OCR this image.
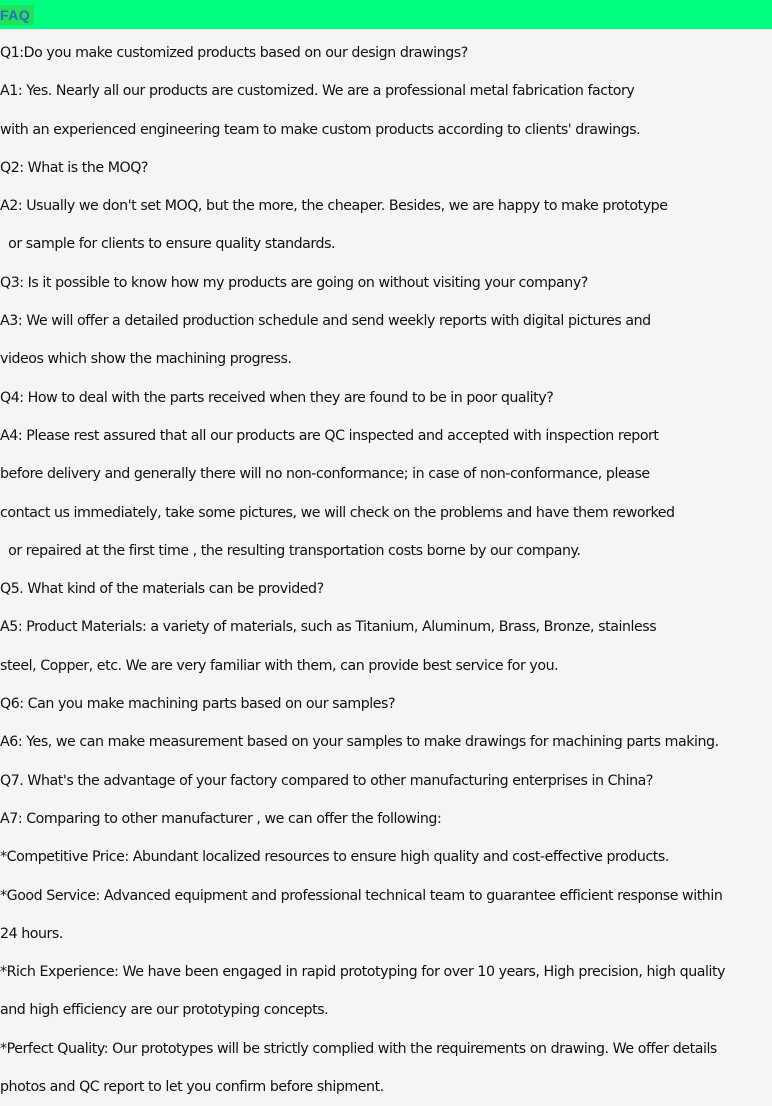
FAQ
Q1:Do you make customized products based on our design drawings?
A1: Yes. Nearly all our products are customized. We are a professional metal fabrication factory
with an experienced engineering team to make custom products according to clients' drawings.
Q2: What is the MOQ?
A2: Usually we don't set MOQ, but the more, the cheaper. Besides, we are happy to make prototype
or sample for clients to ensure quality standards.
Q3: Is it possible to know how my products are going on without visiting your company?
A3: We will offer a detailed production schedule and send weekly reports with digital pictures and
videos which show the machining progress.
Q4: How to deal with the parts received when they are found to be in poor quality?
A4: Please rest assured that all our products are QC inspected and accepted with inspection report
before delivery and generally there will no non-conformance; in case of non-conformance, please
contact us immediately, take some pictures, we will check on the problems and have them reworked
or repaired at the first time , the resulting transportation costs borne by our company.
Q5. What kind of the materials can be provided?
A5: Product Materials: a variety of materials, such as Titanium, Aluminum, Brass, Bronze, stainless
steel, Copper, etc. We are very familiar with them, can provide best service for you.
Q6: Can you make machining parts based on our samples?
A6: Yes, we can make measurement based on your samples to make drawings for machining parts making.
Q7. What's the advantage of your factory compared to other manufacturing enterprises in China?
A7: Comparing to other manufacturer , we can offer the following:
*Competitive Price: Abundant localized resources to ensure high quality and cost-effective products.
*Good Service: Advanced equipment and professional technical team to guarantee efficient response within
24 hours.
*Rich Experience: We have been engaged in rapid prototyping for over 10 years, High precision, high quality
and high efficiency are our prototyping concepts.
*Perfect Quality: Our prototypes will be strictly complied with the requirements on drawing. We offer details
photos and QC report to let you confirm before shipment.
